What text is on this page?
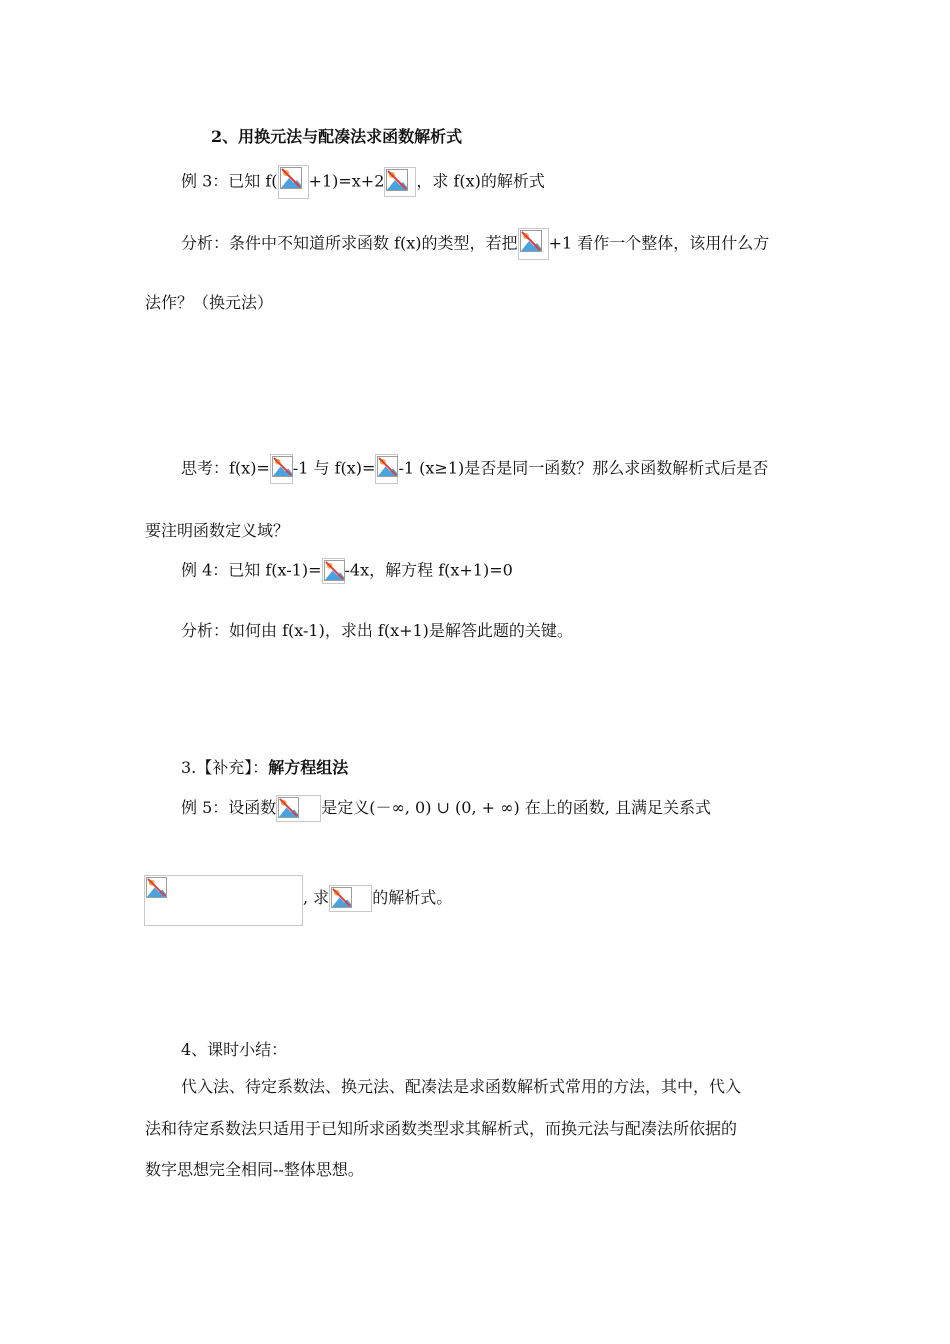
2、用换元法与配凑法求函数解析式
例 3：已知 f( +1)=x+2 ，求 f(x)的解析式
分析：条件中不知道所求函数 f(x)的类型，若把 +1 看作一个整体，该用什么方
法作？（换元法）
思考：f(x)= -1 与 f(x)= -1 (x≥1)是否是同一函数？那么求函数解析式后是否
要注明函数定义域？
例 4：已知 f(x-1)= -4x，解方程 f(x+1)=0
分析：如何由 f(x-1)，求出 f(x+1)是解答此题的关键。
3.【补充】：解方程组法
例 5：设函数	是定义(－∞, 0) ∪ (0, + ∞) 在上的函数, 且满足关系式
, 求	的解析式。
4、课时小结：
代入法、待定系数法、换元法、配凑法是求函数解析式常用的方法，其中，代入
法和待定系数法只适用于已知所求函数类型求其解析式，而换元法与配凑法所依据的
数字思想完全相同--整体思想。
